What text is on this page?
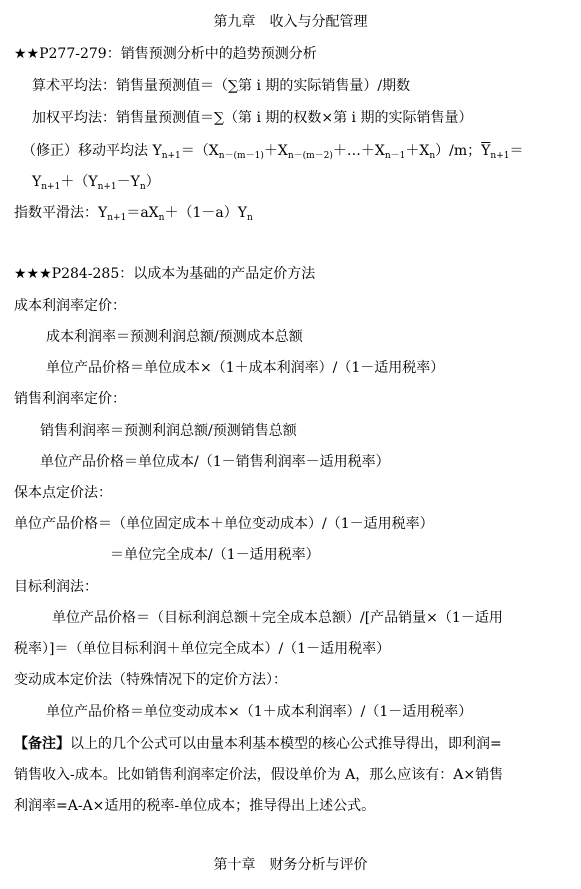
第九章　收入与分配管理
★★P277-279：销售预测分析中的趋势预测分析
算术平均法：销售量预测值＝（∑第 i 期的实际销售量）/期数
加权平均法：销售量预测值＝∑（第 i 期的权数×第 i 期的实际销售量）
（修正）移动平均法 $Y_{n+1}=(X_{n-(m-1)}+X_{n-(m-2)}+\dots+X_{n-1}+X_n)/m$；$\overline{Y}_{n+1}=$
$Y_{n+1}+(Y_{n+1}-Y_n)$
指数平滑法：$Y_{n+1}=aX_n+(1-a)Y_n$
★★★P284-285：以成本为基础的产品定价方法
成本利润率定价：
成本利润率＝预测利润总额/预测成本总额
单位产品价格＝单位成本×（1＋成本利润率）/（1－适用税率）
销售利润率定价：
销售利润率＝预测利润总额/预测销售总额
单位产品价格＝单位成本/（1－销售利润率－适用税率）
保本点定价法：
单位产品价格＝（单位固定成本＋单位变动成本）/（1－适用税率）
＝单位完全成本/（1－适用税率）
目标利润法：
单位产品价格＝（目标利润总额＋完全成本总额）/[产品销量×（1－适用
税率）]＝（单位目标利润＋单位完全成本）/（1－适用税率）
变动成本定价法（特殊情况下的定价方法）：
单位产品价格＝单位变动成本×（1＋成本利润率）/（1－适用税率）
【备注】以上的几个公式可以由量本利基本模型的核心公式推导得出，即利润=
销售收入-成本。比如销售利润率定价法，假设单价为 A，那么应该有：A×销售
利润率=A-A×适用的税率-单位成本；推导得出上述公式。
第十章　财务分析与评价
